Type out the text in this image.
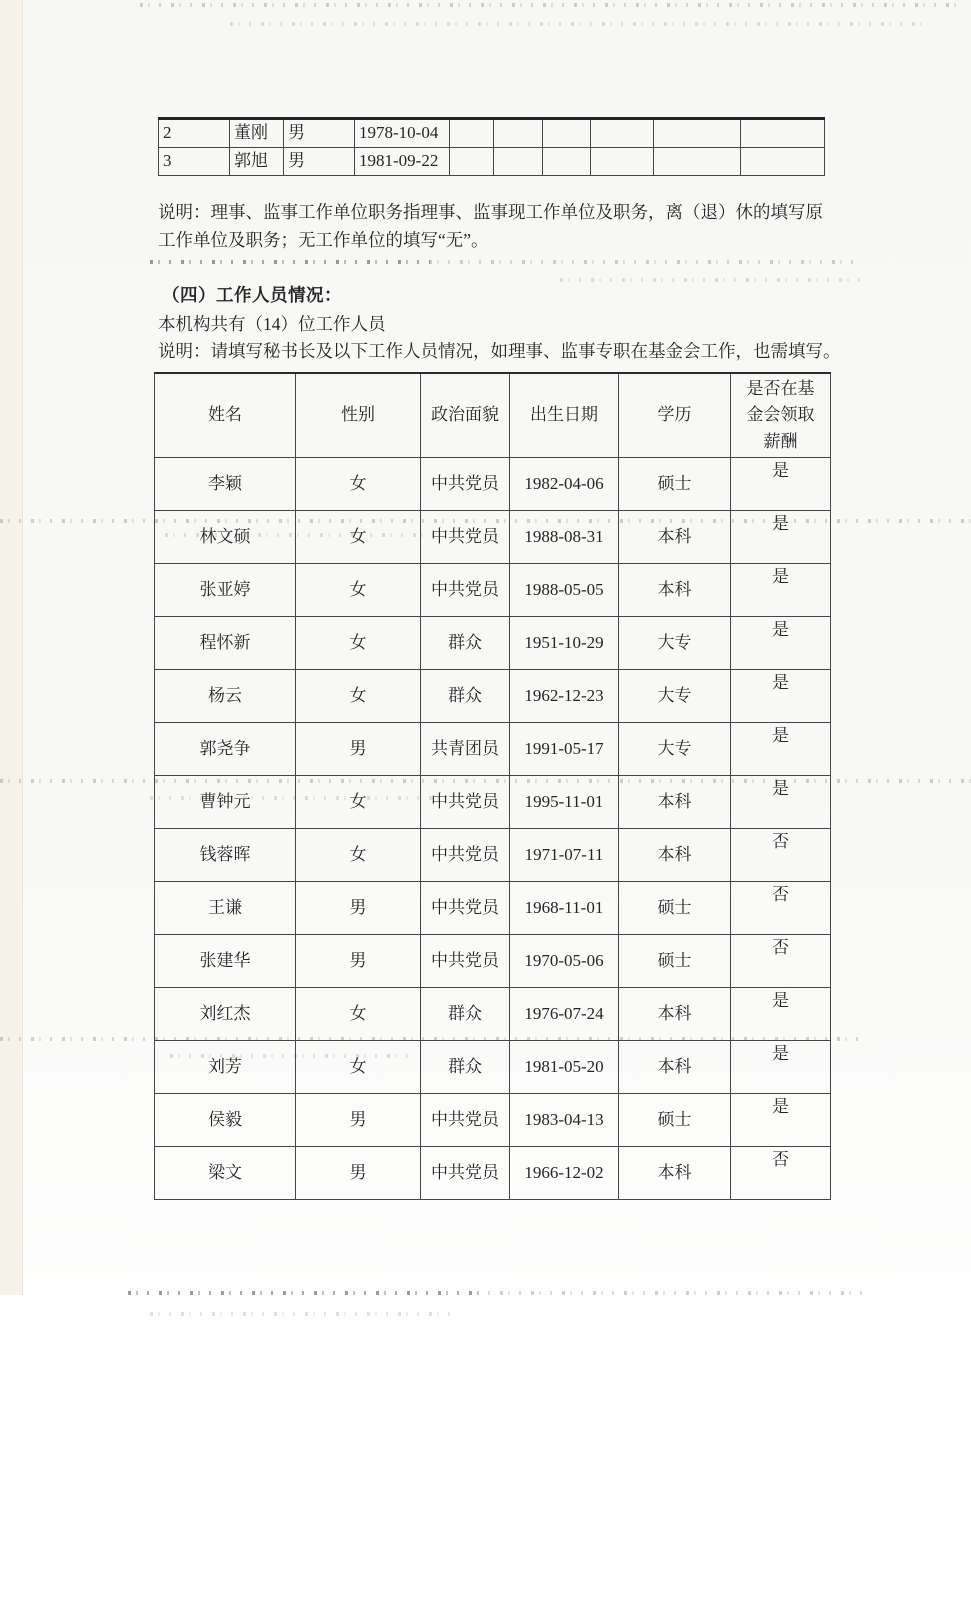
2	董刚	男	1978-10-04						
3	郭旭	男	1981-09-22						
说明：理事、监事工作单位职务指理事、监事现工作单位及职务，离（退）休的填写原
工作单位及职务；无工作单位的填写“无”。
（四）工作人员情况：
本机构共有（14）位工作人员
说明：请填写秘书长及以下工作人员情况，如理事、监事专职在基金会工作，也需填写。
姓名	性别	政治面貌	出生日期	学历	是否在基金会领取薪酬
李颖	女	中共党员	1982-04-06	硕士	是
林文硕	女	中共党员	1988-08-31	本科	是
张亚婷	女	中共党员	1988-05-05	本科	是
程怀新	女	群众	1951-10-29	大专	是
杨云	女	群众	1962-12-23	大专	是
郭尧争	男	共青团员	1991-05-17	大专	是
曹钟元	女	中共党员	1995-11-01	本科	是
钱蓉晖	女	中共党员	1971-07-11	本科	否
王谦	男	中共党员	1968-11-01	硕士	否
张建华	男	中共党员	1970-05-06	硕士	否
刘红杰	女	群众	1976-07-24	本科	是
刘芳	女	群众	1981-05-20	本科	是
侯毅	男	中共党员	1983-04-13	硕士	是
梁文	男	中共党员	1966-12-02	本科	否
